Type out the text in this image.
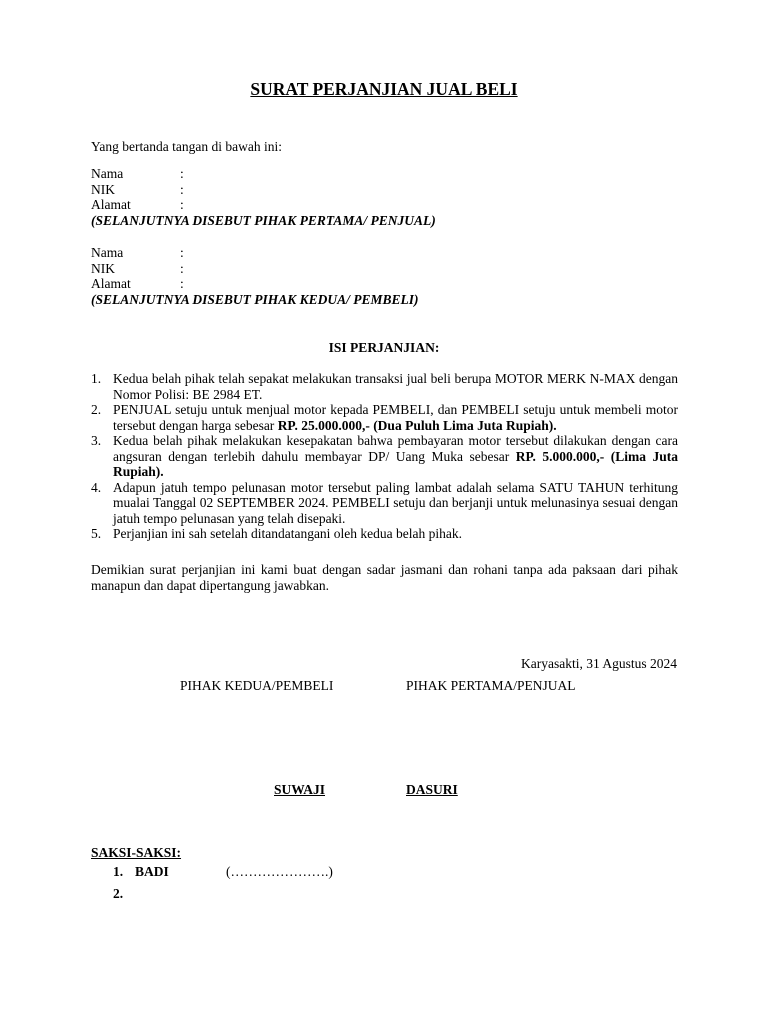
SURAT PERJANJIAN JUAL BELI
Yang bertanda tangan di bawah ini:
Nama	:
NIK	:
Alamat	:
(SELANJUTNYA DISEBUT PIHAK PERTAMA/ PENJUAL)
Nama	:
NIK	:
Alamat	:
(SELANJUTNYA DISEBUT PIHAK KEDUA/ PEMBELI)
ISI PERJANJIAN:
1. Kedua belah pihak telah sepakat melakukan transaksi jual beli berupa MOTOR MERK N-MAX dengan Nomor Polisi: BE 2984 ET.
2. PENJUAL setuju untuk menjual motor kepada PEMBELI, dan PEMBELI setuju untuk membeli motor tersebut dengan harga sebesar RP. 25.000.000,- (Dua Puluh Lima Juta Rupiah).
3. Kedua belah pihak melakukan kesepakatan bahwa pembayaran motor tersebut dilakukan dengan cara angsuran dengan terlebih dahulu membayar DP/ Uang Muka sebesar RP. 5.000.000,- (Lima Juta Rupiah).
4. Adapun jatuh tempo pelunasan motor tersebut paling lambat adalah selama SATU TAHUN terhitung mualai Tanggal 02 SEPTEMBER 2024. PEMBELI setuju dan berjanji untuk melunasinya sesuai dengan jatuh tempo pelunasan yang telah disepaki.
5. Perjanjian ini sah setelah ditandatangani oleh kedua belah pihak.
Demikian surat perjanjian ini kami buat dengan sadar jasmani dan rohani tanpa ada paksaan dari pihak manapun dan dapat dipertangung jawabkan.
Karyasakti, 31 Agustus 2024
PIHAK KEDUA/PEMBELI	PIHAK PERTAMA/PENJUAL
SUWAJI	DASURI
SAKSI-SAKSI:
1. BADI	(………………….)
2.
